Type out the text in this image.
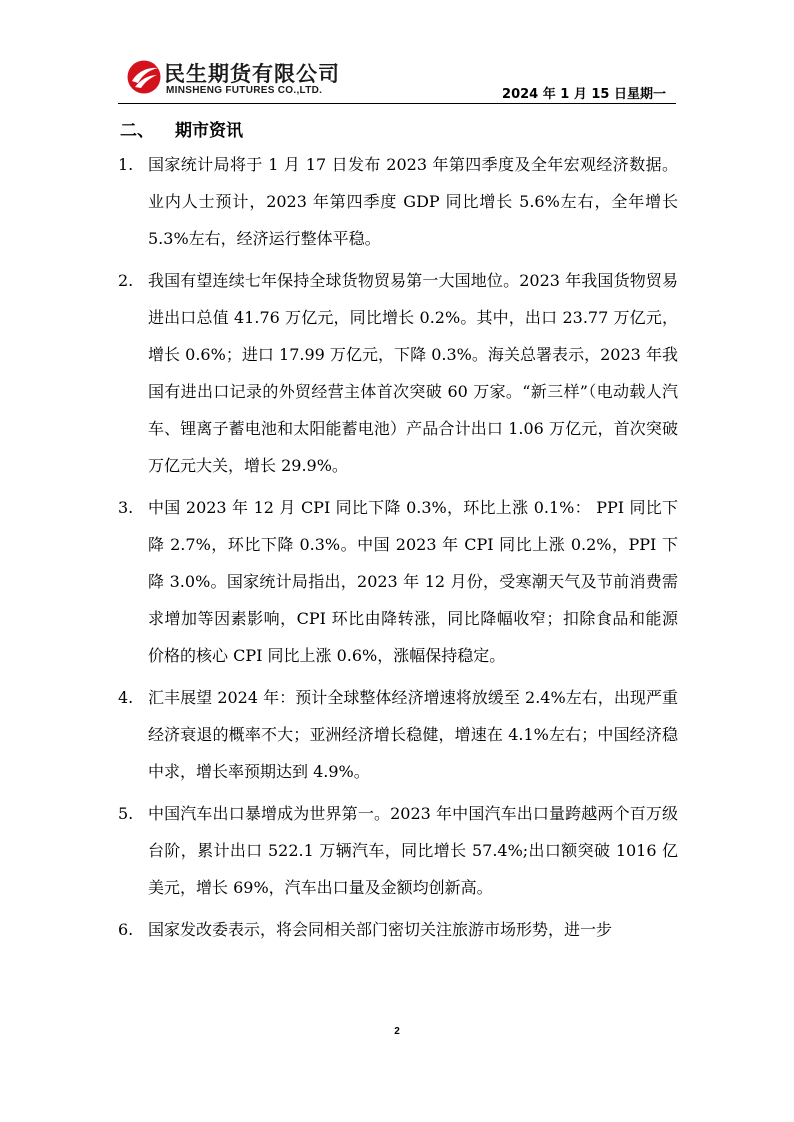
民生期货有限公司
MINSHENG FUTURES CO.,LTD.	2024 年 1 月 15 日星期一
二、 期市资讯
1. 国家统计局将于 1 月 17 日发布 2023 年第四季度及全年宏观经济数据。业内人士预计，2023 年第四季度 GDP 同比增长 5.6%左右，全年增长 5.3%左右，经济运行整体平稳。
2. 我国有望连续七年保持全球货物贸易第一大国地位。2023 年我国货物贸易进出口总值 41.76 万亿元，同比增长 0.2%。其中，出口 23.77 万亿元，增长 0.6%；进口 17.99 万亿元，下降 0.3%。海关总署表示，2023 年我国有进出口记录的外贸经营主体首次突破 60 万家。“新三样”（电动载人汽车、锂离子蓄电池和太阳能蓄电池）产品合计出口 1.06 万亿元，首次突破万亿元大关，增长 29.9%。
3. 中国 2023 年 12 月 CPI 同比下降 0.3%，环比上涨 0.1%： PPI 同比下降 2.7%，环比下降 0.3%。中国 2023 年 CPI 同比上涨 0.2%，PPI 下降 3.0%。国家统计局指出，2023 年 12 月份，受寒潮天气及节前消费需求增加等因素影响，CPI 环比由降转涨，同比降幅收窄；扣除食品和能源价格的核心 CPI 同比上涨 0.6%，涨幅保持稳定。
4. 汇丰展望 2024 年：预计全球整体经济增速将放缓至 2.4%左右，出现严重经济衰退的概率不大；亚洲经济增长稳健，增速在 4.1%左右；中国经济稳中求，增长率预期达到 4.9%。
5. 中国汽车出口暴增成为世界第一。2023 年中国汽车出口量跨越两个百万级台阶，累计出口 522.1 万辆汽车，同比增长 57.4%;出口额突破 1016 亿美元，增长 69%，汽车出口量及金额均创新高。
6. 国家发改委表示，将会同相关部门密切关注旅游市场形势，进一步
2
